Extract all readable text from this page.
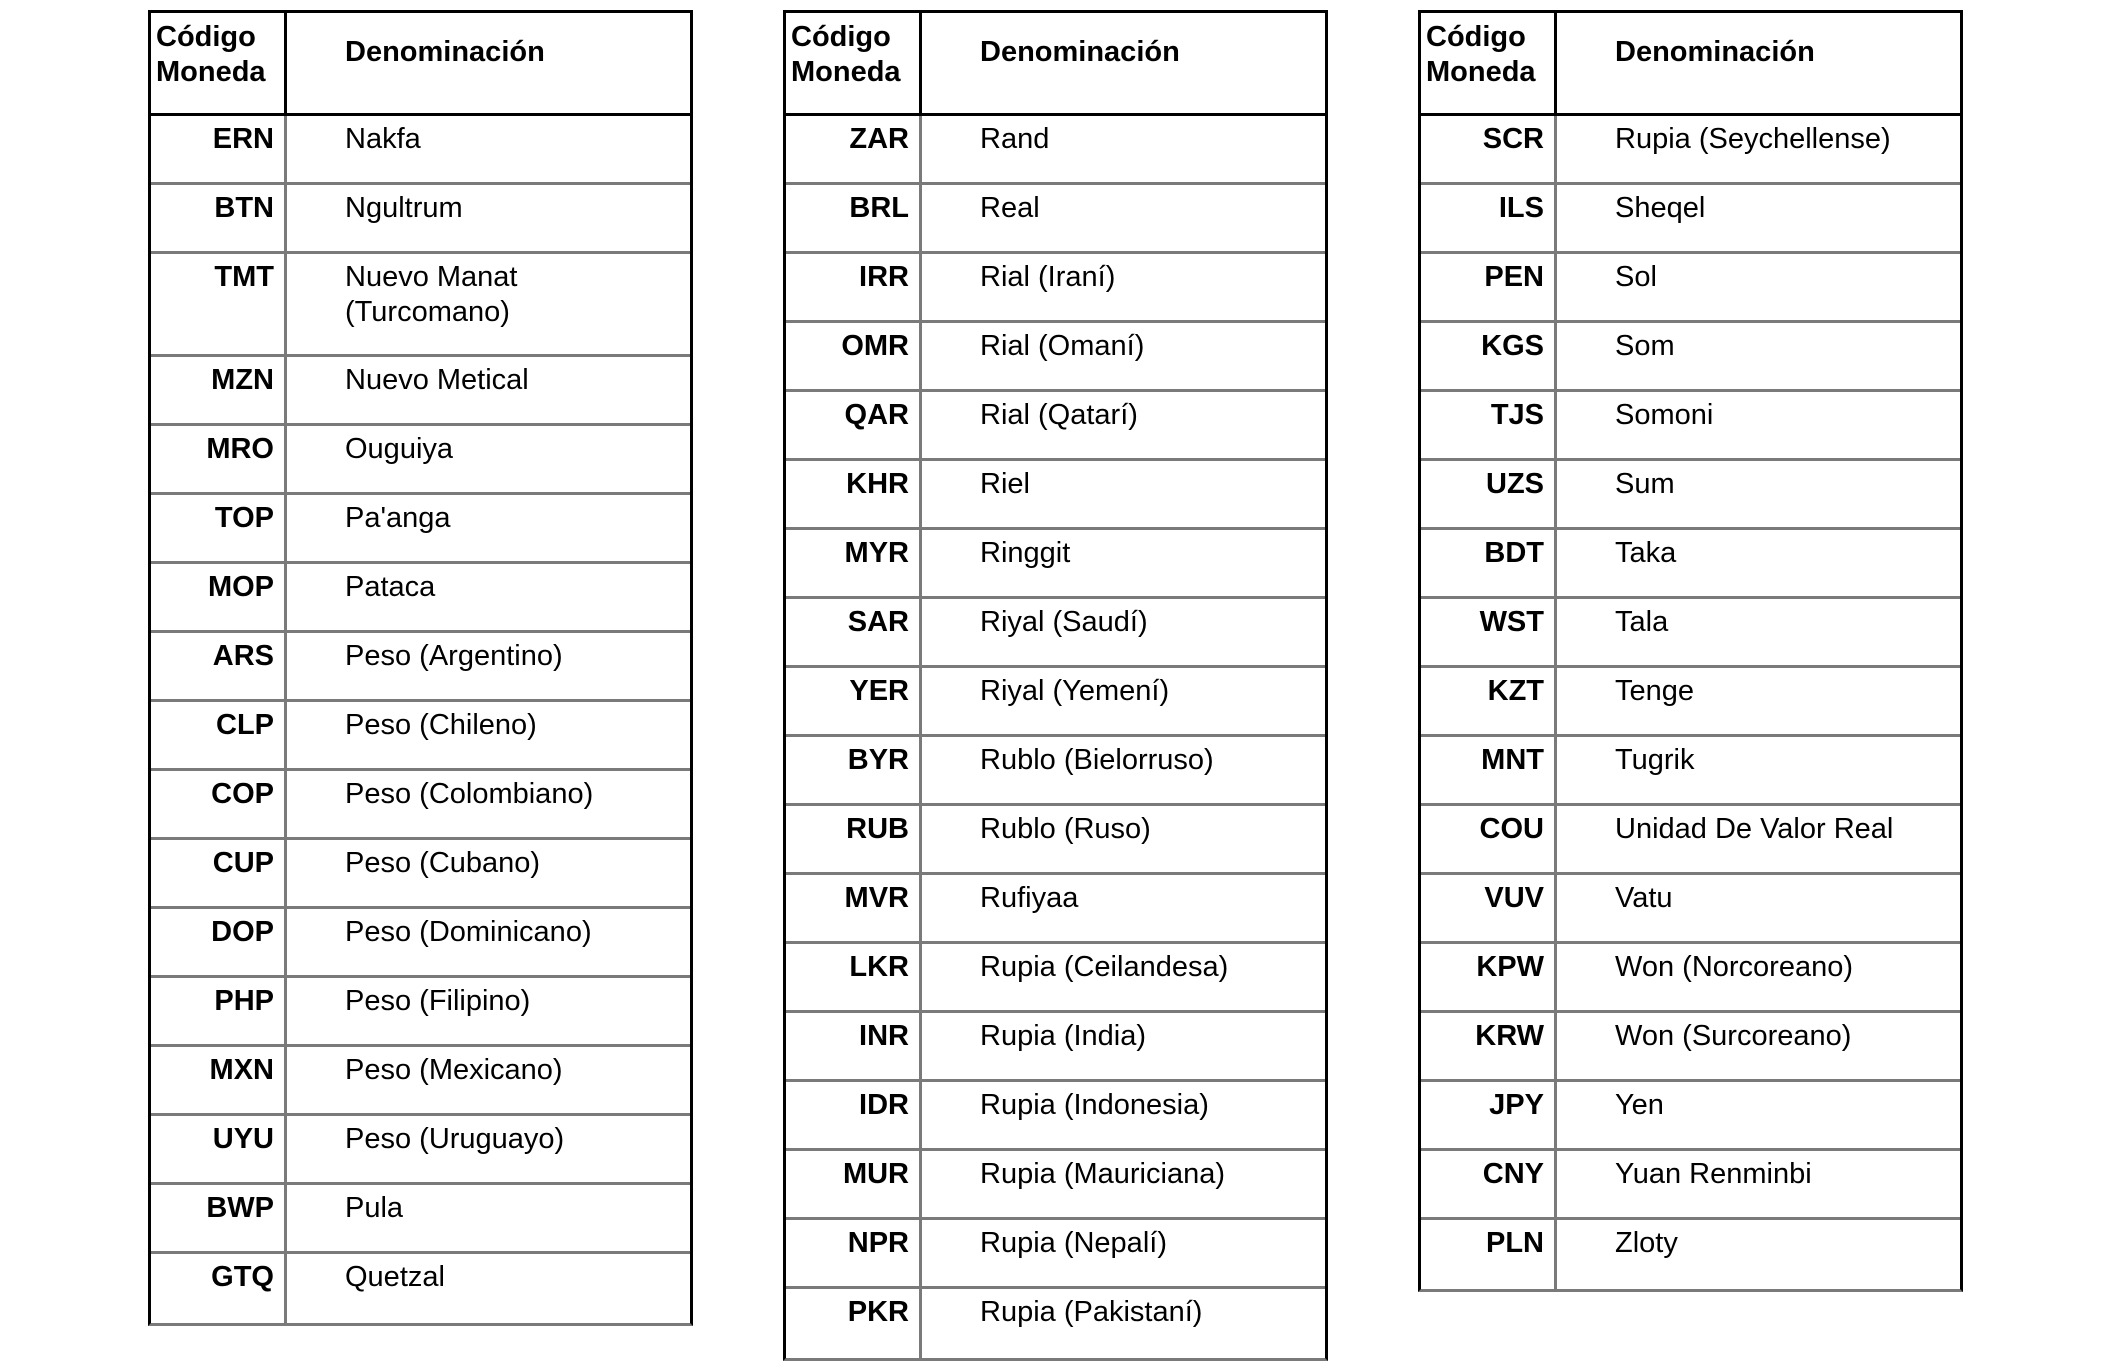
Código
Moneda
Denominación
ERN	Nakfa
BTN	Ngultrum
TMT	Nuevo Manat (Turcomano)
MZN	Nuevo Metical
MRO	Ouguiya
TOP	Pa'anga
MOP	Pataca
ARS	Peso (Argentino)
CLP	Peso (Chileno)
COP	Peso (Colombiano)
CUP	Peso (Cubano)
DOP	Peso (Dominicano)
PHP	Peso (Filipino)
MXN	Peso (Mexicano)
UYU	Peso (Uruguayo)
BWP	Pula
GTQ	Quetzal
Código
Moneda
Denominación
ZAR	Rand
BRL	Real
IRR	Rial (Iraní)
OMR	Rial (Omaní)
QAR	Rial (Qatarí)
KHR	Riel
MYR	Ringgit
SAR	Riyal (Saudí)
YER	Riyal (Yemení)
BYR	Rublo (Bielorruso)
RUB	Rublo (Ruso)
MVR	Rufiyaa
LKR	Rupia (Ceilandesa)
INR	Rupia (India)
IDR	Rupia (Indonesia)
MUR	Rupia (Mauriciana)
NPR	Rupia (Nepalí)
PKR	Rupia (Pakistaní)
Código
Moneda
Denominación
SCR	Rupia (Seychellense)
ILS	Sheqel
PEN	Sol
KGS	Som
TJS	Somoni
UZS	Sum
BDT	Taka
WST	Tala
KZT	Tenge
MNT	Tugrik
COU	Unidad De Valor Real
VUV	Vatu
KPW	Won (Norcoreano)
KRW	Won (Surcoreano)
JPY	Yen
CNY	Yuan Renminbi
PLN	Zloty
